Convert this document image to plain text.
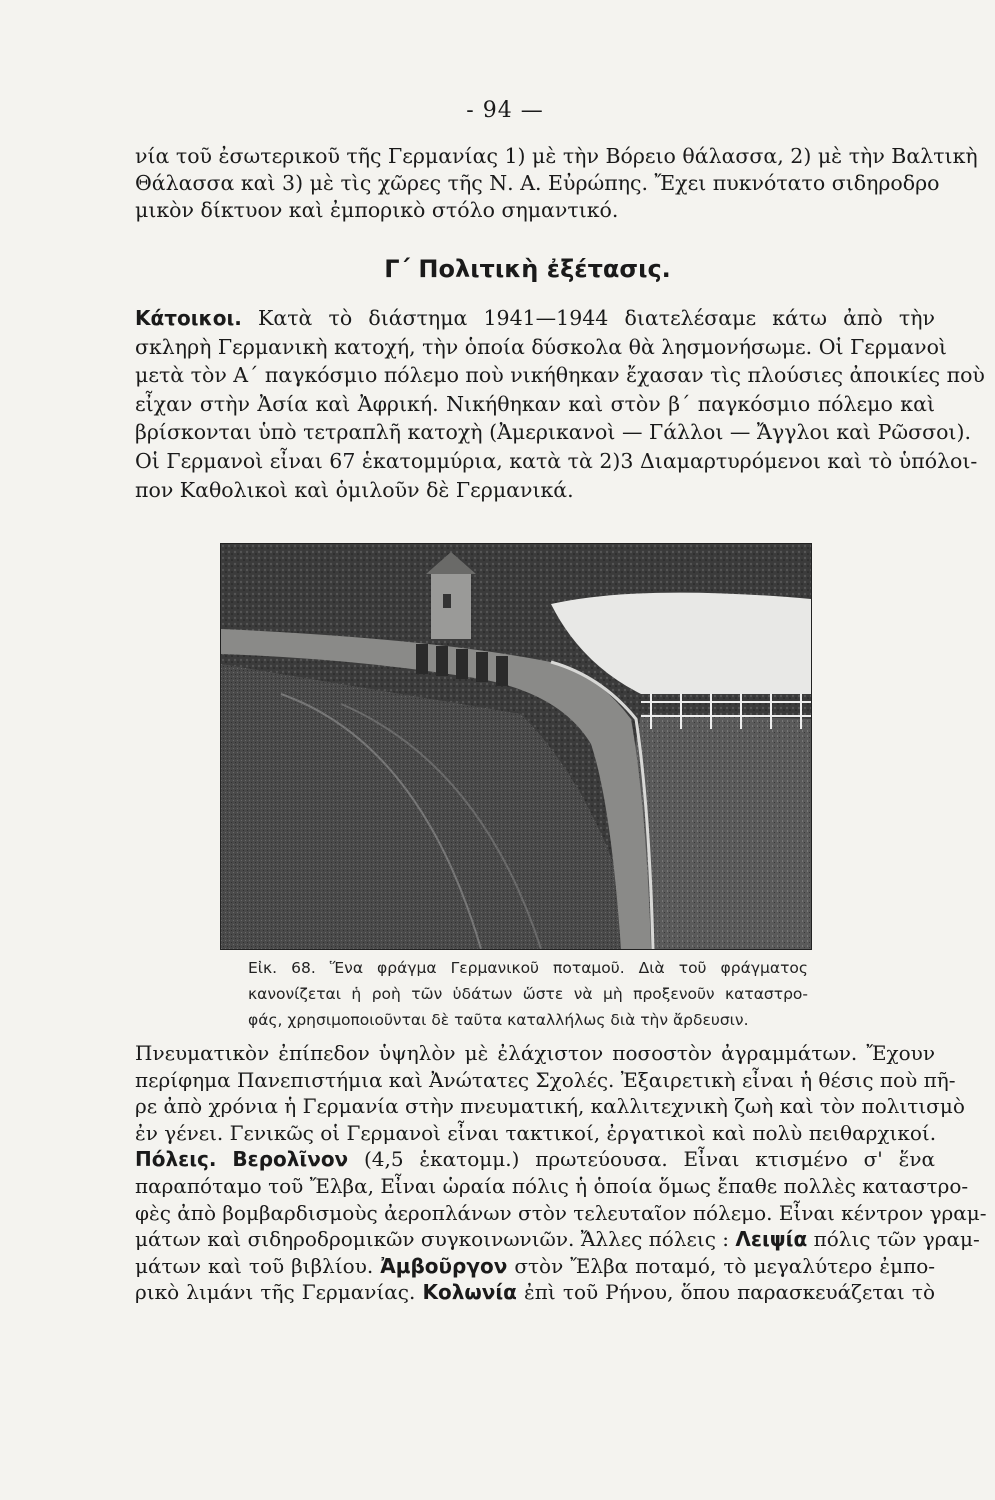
- 94 —
νία τοῦ ἐσωτερικοῦ τῆς Γερμανίας 1) μὲ τὴν Βόρειο θάλασσα, 2) μὲ τὴν Βαλτικὴ
Θάλασσα καὶ 3) μὲ τὶς χῶρες τῆς Ν. Α. Εὐρώπης. Ἔχει πυκνότατο σιδηροδρο
μικὸν δίκτυον καὶ ἐμπορικὸ στόλο σημαντικό.
Γ΄ Πολιτικὴ ἐξέτασις.
Κάτοικοι. Κατὰ τὸ διάστημα 1941—1944 διατελέσαμε κάτω ἀπὸ τὴν
σκληρὴ Γερμανικὴ κατοχή, τὴν ὁποία δύσκολα θὰ λησμονήσωμε. Οἱ Γερμανοὶ
μετὰ τὸν Α΄ παγκόσμιο πόλεμο ποὺ νικήθηκαν ἔχασαν τὶς πλούσιες ἀποικίες ποὺ
εἶχαν στὴν Ἀσία καὶ Ἀφρική. Νικήθηκαν καὶ στὸν β΄ παγκόσμιο πόλεμο καὶ
βρίσκονται ὑπὸ τετραπλῆ κατοχὴ (Ἀμερικανοὶ — Γάλλοι — Ἄγγλοι καὶ Ρῶσσοι).
Οἱ Γερμανοὶ εἶναι 67 ἑκατομμύρια, κατὰ τὰ 2)3 Διαμαρτυρόμενοι καὶ τὸ ὑπόλοι-
πον Καθολικοὶ καὶ ὁμιλοῦν δὲ Γερμανικά.
Εἰκ. 68. Ἕνα φράγμα Γερμανικοῦ ποταμοῦ. Διὰ τοῦ φράγματος
κανονίζεται ἡ ροὴ τῶν ὑδάτων ὥστε νὰ μὴ προξενοῦν καταστρο-
φάς, χρησιμοποιοῦνται δὲ ταῦτα καταλλήλως διὰ τὴν ἄρδευσιν.
Πνευματικὸν ἐπίπεδον ὑψηλὸν μὲ ἐλάχιστον ποσοστὸν ἀγραμμάτων. Ἔχουν
περίφημα Πανεπιστήμια καὶ Ἀνώτατες Σχολές. Ἐξαιρετικὴ εἶναι ἡ θέσις ποὺ πῆ-
ρε ἀπὸ χρόνια ἡ Γερμανία στὴν πνευματική, καλλιτεχνικὴ ζωὴ καὶ τὸν πολιτισμὸ
ἐν γένει. Γενικῶς οἱ Γερμανοὶ εἶναι τακτικοί, ἐργατικοὶ καὶ πολὺ πειθαρχικοί.
Πόλεις. Βερολῖνον (4,5 ἑκατομμ.) πρωτεύουσα. Εἶναι κτισμένο σ' ἕνα
παραπόταμο τοῦ Ἔλβα, Εἶναι ὡραία πόλις ἡ ὁποία ὅμως ἔπαθε πολλὲς καταστρο-
φὲς ἀπὸ βομβαρδισμοὺς ἀεροπλάνων στὸν τελευταῖον πόλεμο. Εἶναι κέντρον γραμ-
μάτων καὶ σιδηροδρομικῶν συγκοινωνιῶν. Ἄλλες πόλεις : Λειψία πόλις τῶν γραμ-
μάτων καὶ τοῦ βιβλίου. Ἀμβοῦργον στὸν Ἔλβα ποταμό, τὸ μεγαλύτερο ἐμπο-
ρικὸ λιμάνι τῆς Γερμανίας. Κολωνία ἐπὶ τοῦ Ρήνου, ὅπου παρασκευάζεται τὸ
